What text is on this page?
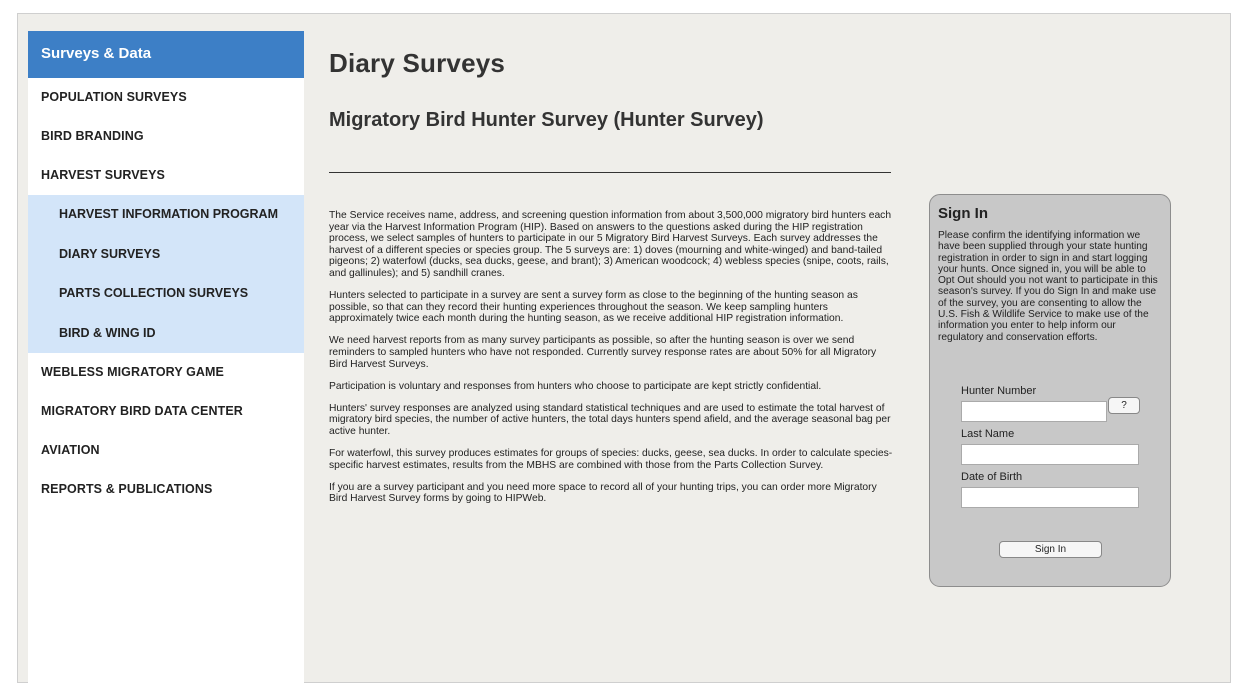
Surveys & Data
POPULATION SURVEYS
BIRD BRANDING
HARVEST SURVEYS
HARVEST INFORMATION PROGRAM
DIARY SURVEYS
PARTS COLLECTION SURVEYS
BIRD & WING ID
WEBLESS MIGRATORY GAME
MIGRATORY BIRD DATA CENTER
AVIATION
REPORTS & PUBLICATIONS
Diary Surveys
Migratory Bird Hunter Survey (Hunter Survey)

The Service receives name, address, and screening question information from about 3,500,000 migratory bird hunters each year via the Harvest Information Program (HIP). Based on answers to the questions asked during the HIP registration process, we select samples of hunters to participate in our 5 Migratory Bird Harvest Surveys. Each survey addresses the harvest of a different species or species group. The 5 surveys are: 1) doves (mourning and white-winged) and band-tailed pigeons; 2) waterfowl (ducks, sea ducks, geese, and brant); 3) American woodcock; 4) webless species (snipe, coots, rails, and gallinules); and 5) sandhill cranes.

Hunters selected to participate in a survey are sent a survey form as close to the beginning of the hunting season as possible, so that can they record their hunting experiences throughout the season. We keep sampling hunters approximately twice each month during the hunting season, as we receive additional HIP registration information.

We need harvest reports from as many survey participants as possible, so after the hunting season is over we send reminders to sampled hunters who have not responded. Currently survey response rates are about 50% for all Migratory Bird Harvest Surveys.

Participation is voluntary and responses from hunters who choose to participate are kept strictly confidential.

Hunters' survey responses are analyzed using standard statistical techniques and are used to estimate the total harvest of migratory bird species, the number of active hunters, the total days hunters spend afield, and the average seasonal bag per active hunter.

For waterfowl, this survey produces estimates for groups of species: ducks, geese, sea ducks. In order to calculate species-specific harvest estimates, results from the MBHS are combined with those from the Parts Collection Survey.

If you are a survey participant and you need more space to record all of your hunting trips, you can order more Migratory Bird Harvest Survey forms by going to HIPWeb.

Sign In
Please confirm the identifying information we have been supplied through your state hunting registration in order to sign in and start logging your hunts. Once signed in, you will be able to Opt Out should you not want to participate in this season's survey. If you do Sign In and make use of the survey, you are consenting to allow the U.S. Fish & Wildlife Service to make use of the information you enter to help inform our regulatory and conservation efforts.
Hunter Number
?
Last Name
Date of Birth
Sign In
